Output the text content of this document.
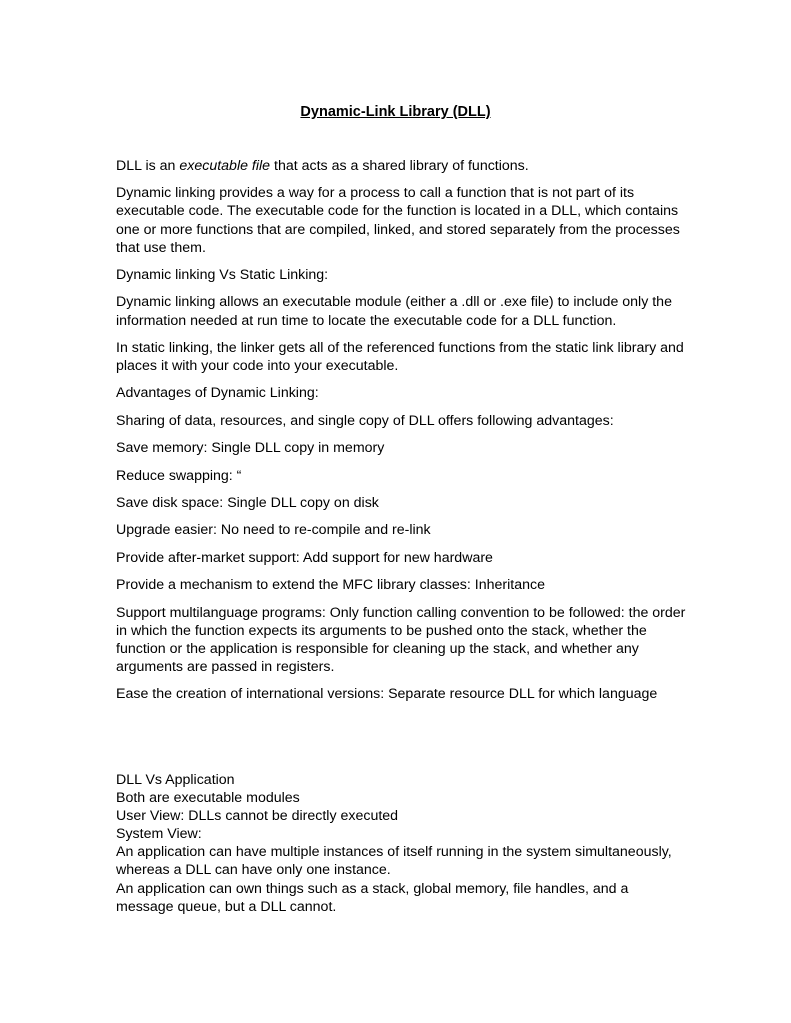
Dynamic-Link Library (DLL)

DLL is an executable file that acts as a shared library of functions.

Dynamic linking provides a way for a process to call a function that is not part of its executable code. The executable code for the function is located in a DLL, which contains one or more functions that are compiled, linked, and stored separately from the processes that use them.

Dynamic linking Vs Static Linking:

Dynamic linking allows an executable module (either a .dll or .exe file) to include only the information needed at run time to locate the executable code for a DLL function.

In static linking, the linker gets all of the referenced functions from the static link library and places it with your code into your executable.

Advantages of Dynamic Linking:

Sharing of data, resources, and single copy of DLL offers following advantages:

Save memory: Single DLL copy in memory

Reduce swapping: “

Save disk space: Single DLL copy on disk

Upgrade easier: No need to re-compile and re-link

Provide after-market support: Add support for new hardware

Provide a mechanism to extend the MFC library classes: Inheritance

Support multilanguage programs: Only function calling convention to be followed: the order in which the function expects its arguments to be pushed onto the stack, whether the function or the application is responsible for cleaning up the stack, and whether any arguments are passed in registers.

Ease the creation of international versions: Separate resource DLL for which language

DLL Vs Application
Both are executable modules
User View: DLLs cannot be directly executed
System View:
An application can have multiple instances of itself running in the system simultaneously, whereas a DLL can have only one instance.
An application can own things such as a stack, global memory, file handles, and a message queue, but a DLL cannot.
